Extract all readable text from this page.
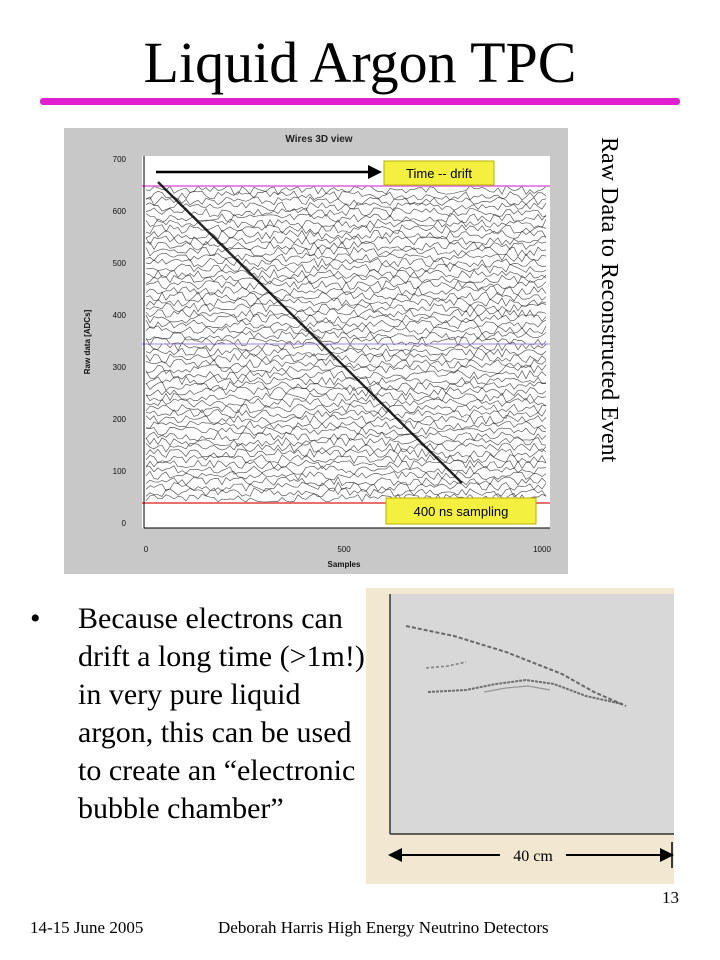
Liquid Argon TPC
Wires 3D view
0
100
200
300
400
500
600
700
0	500	1000
Samples
Raw data [ADCs]
Time -- drift
400 ns sampling
Raw Data to Reconstructed Event
•	Because electrons can drift a long time (>1m!) in very pure liquid argon, this can be used to create an “electronic bubble chamber”
40 cm
14-15 June 2005	Deborah Harris High Energy Neutrino Detectors
13
